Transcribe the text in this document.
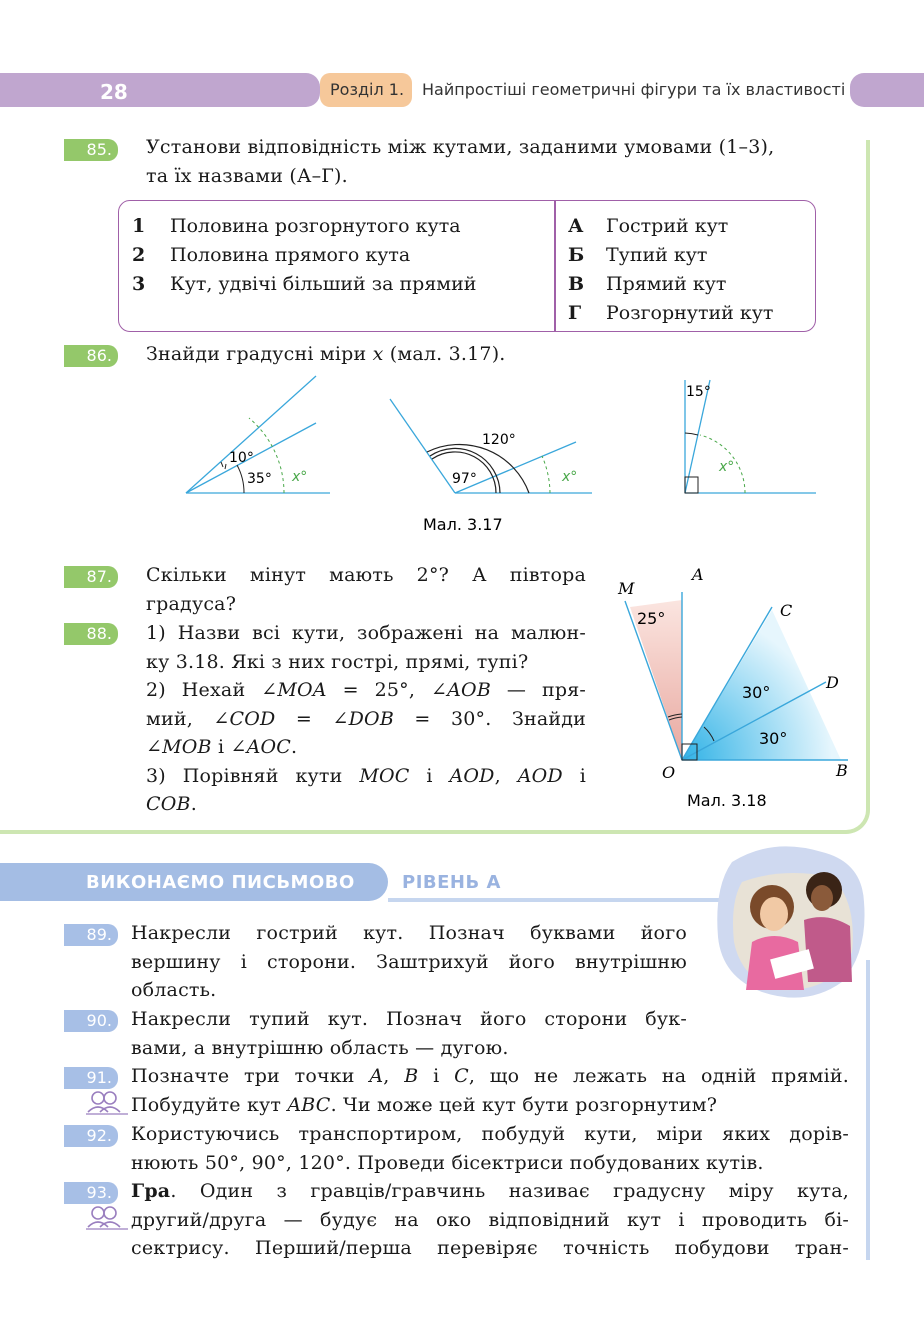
28	Розділ 1. Найпростіші геометричні фігури та їх властивості
85.	Установи відповідність між кутами, заданими умовами (1–3),
та їх назвами (А–Г).
1 Половина розгорнутого кута
2 Половина прямого кута
3 Кут, удвічі більший за прямий
А Гострий кут
Б Тупий кут
В Прямий кут
Г Розгорнутий кут
86.	Знайди градусні міри x (мал. 3.17).
10°
35° x°
120°
97°	x°
15°
x°
Мал. 3.17
M
A
C
D
O	B
25°
30°
30°
Мал. 3.18
87.	Скільки мінут мають 2°? А півтора
градуса?
88.	1) Назви всі кути, зображені на малюн-
ку 3.18. Які з них гострі, прямі, тупі?
2) Нехай ∠MOA = 25°, ∠AOB — пря-
мий, ∠COD = ∠DOB = 30°. Знайди
∠MOB і ∠AOC.
3) Порівняй кути MOC і AOD, AOD і
COB.
ВИКОНАЄМО ПИСЬМОВО	РІВЕНЬ А
89.	Накресли гострий кут. Познач буквами його
вершину і сторони. Заштрихуй його внутрішню
область.
90.	Накресли тупий кут. Познач його сторони бук-
вами, а внутрішню область — дугою.
91.	Позначте три точки A, B і C, що не лежать на одній прямій.
Побудуйте кут ABC. Чи може цей кут бути розгорнутим?
92.	Користуючись транспортиром, побудуй кути, міри яких дорів-
нюють 50°, 90°, 120°. Проведи бісектриси побудованих кутів.
93.	Гра. Один з гравців/гравчинь називає градусну міру кута,
другий/друга — будує на око відповідний кут і проводить бі-
сектрису. Перший/перша перевіряє точність побудови тран-
